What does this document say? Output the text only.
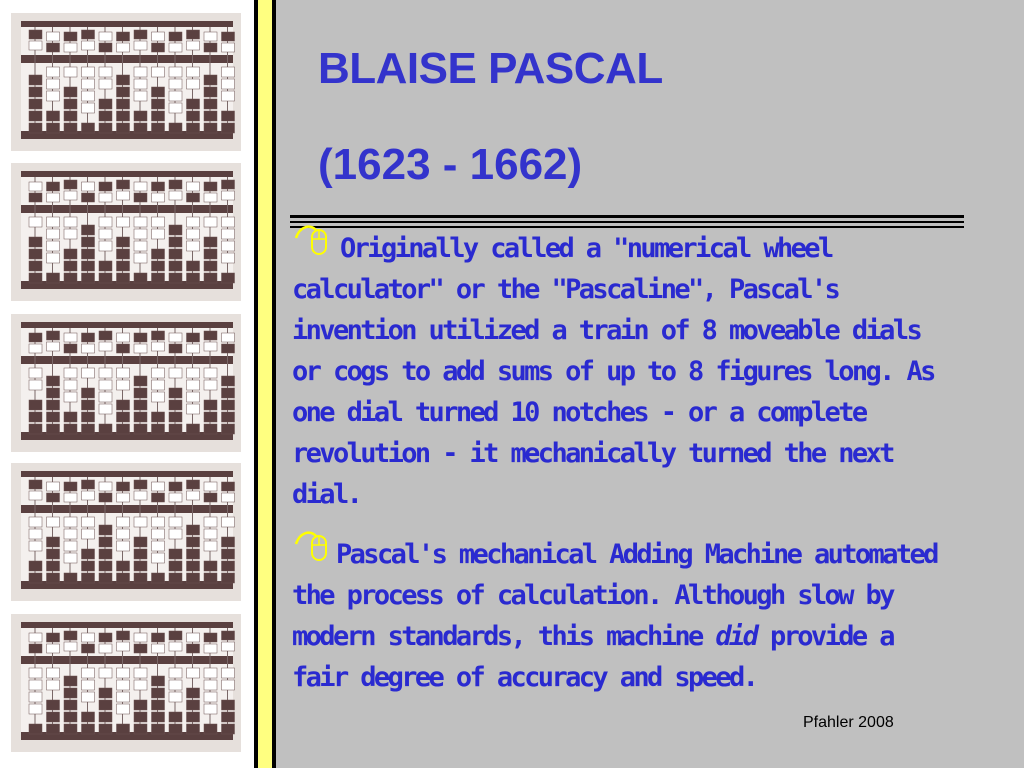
BLAISE PASCAL
(1623 - 1662)
Originally called a "numerical wheel calculator" or the "Pascaline", Pascal's invention utilized a train of 8 moveable dials or cogs to add sums of up to 8 figures long. As one dial turned 10 notches - or a complete revolution - it mechanically turned the next dial.
Pascal's mechanical Adding Machine automated the process of calculation. Although slow by modern standards, this machine did provide a fair degree of accuracy and speed.
Pfahler 2008
